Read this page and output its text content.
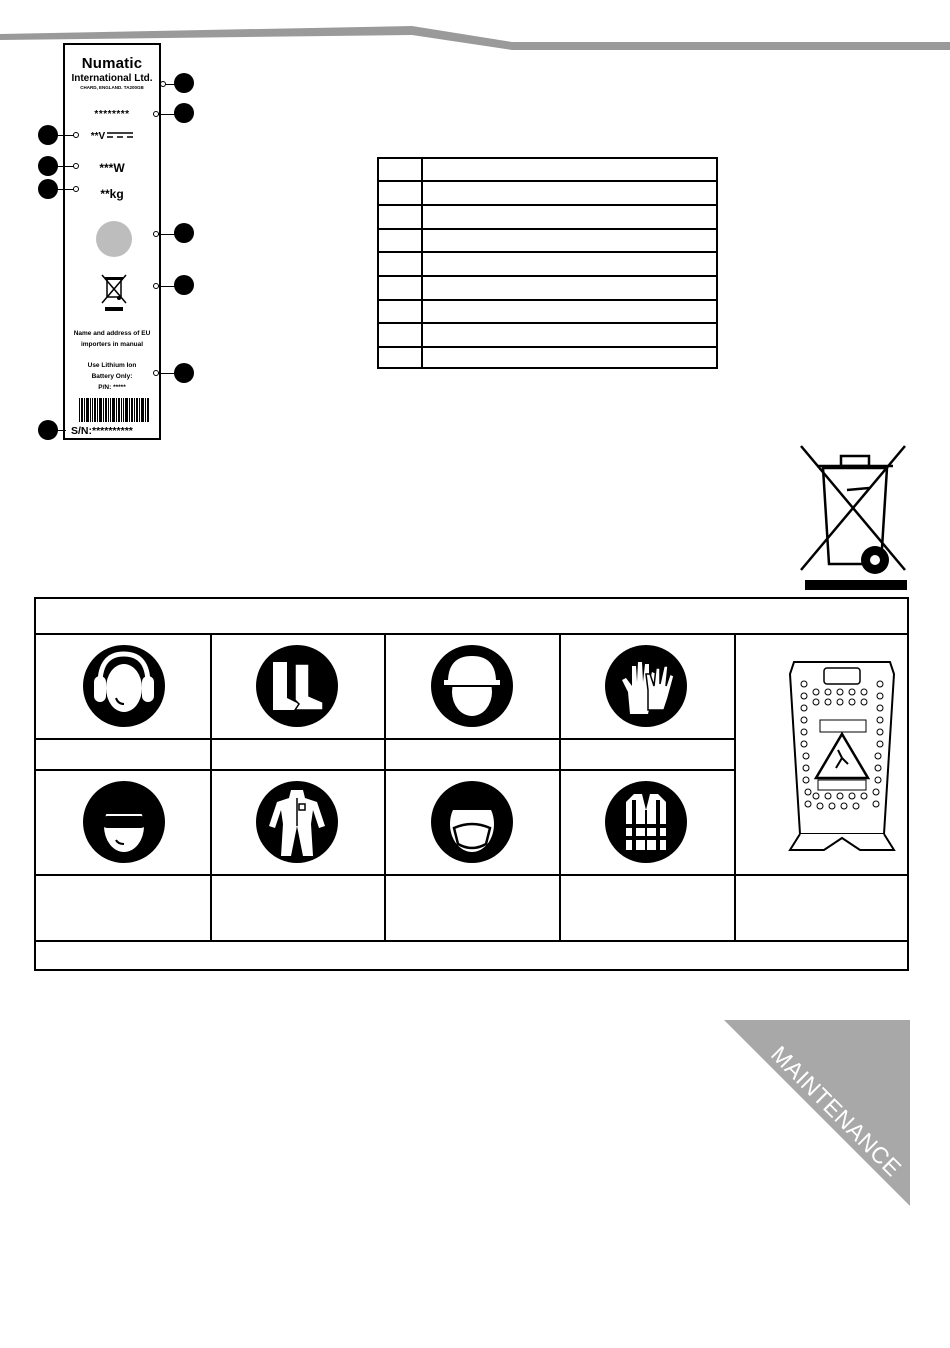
Numatic
International Ltd.
CHARD, ENGLAND. TA200GB
********
**V
***W
**kg
Name and address of EU
importers in manual
Use Lithium Ion
Battery Only:
P/N: *****
S/N:**********
MAINTENANCE
